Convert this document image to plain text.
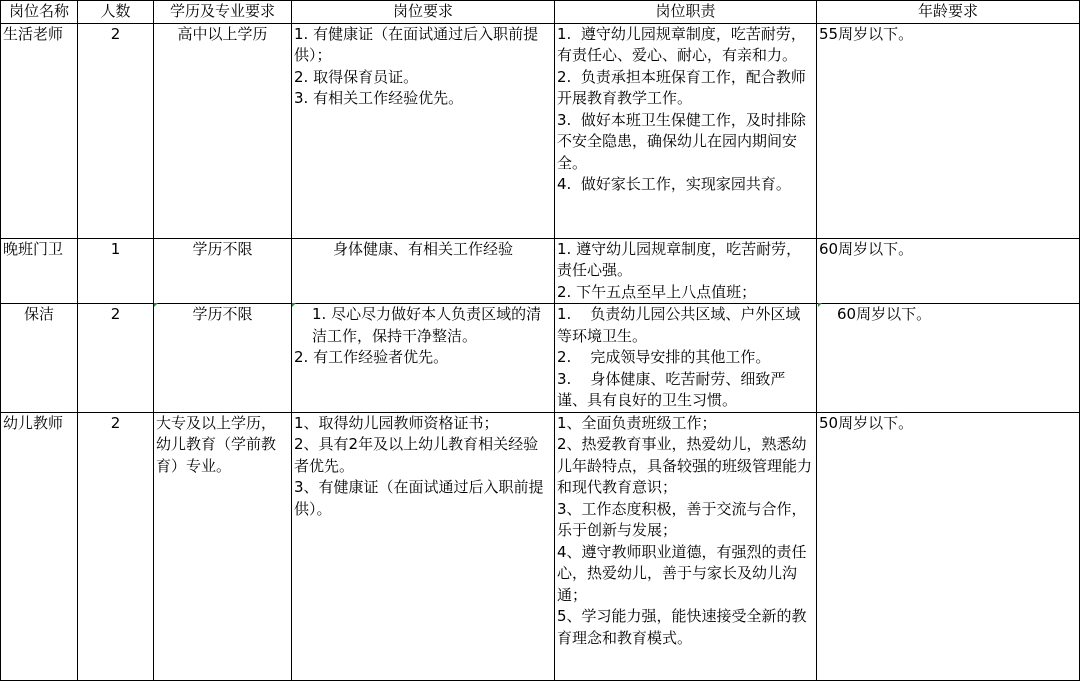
岗位名称	人数	学历及专业要求	岗位要求	岗位职责	年龄要求
生活老师	2	高中以上学历	1. 有健康证（在面试通过后入职前提供）；
2. 取得保育员证。
3. 有相关工作经验优先。	1.  遵守幼儿园规章制度，吃苦耐劳，有责任心、爱心、耐心，有亲和力。
2.  负责承担本班保育工作，配合教师开展教育教学工作。
3.  做好本班卫生保健工作，及时排除不安全隐患，确保幼儿在园内期间安全。
4.  做好家长工作，实现家园共育。	55周岁以下。
晚班门卫	1	学历不限	身体健康、有相关工作经验	1. 遵守幼儿园规章制度，吃苦耐劳，责任心强。
2. 下午五点至早上八点值班；	60周岁以下。
保洁	2	学历不限	1. 尽心尽力做好本人负责区域的清洁工作，保持干净整洁。
2. 有工作经验者优先。	1.    负责幼儿园公共区域、户外区域等环境卫生。
2.    完成领导安排的其他工作。
3.    身体健康、吃苦耐劳、细致严谨、具有良好的卫生习惯。	60周岁以下。

幼儿教师	2	大专及以上学历，幼儿教育（学前教育）专业。	1、取得幼儿园教师资格证书；
2、具有2年及以上幼儿教育相关经验者优先。
3、有健康证（在面试通过后入职前提供）。	1、全面负责班级工作；
2、热爱教育事业，热爱幼儿，熟悉幼儿年龄特点，具备较强的班级管理能力和现代教育意识；
3、工作态度积极，善于交流与合作，乐于创新与发展；
4、遵守教师职业道德，有强烈的责任心，热爱幼儿，善于与家长及幼儿沟通；
5、学习能力强，能快速接受全新的教育理念和教育模式。	50周岁以下。
